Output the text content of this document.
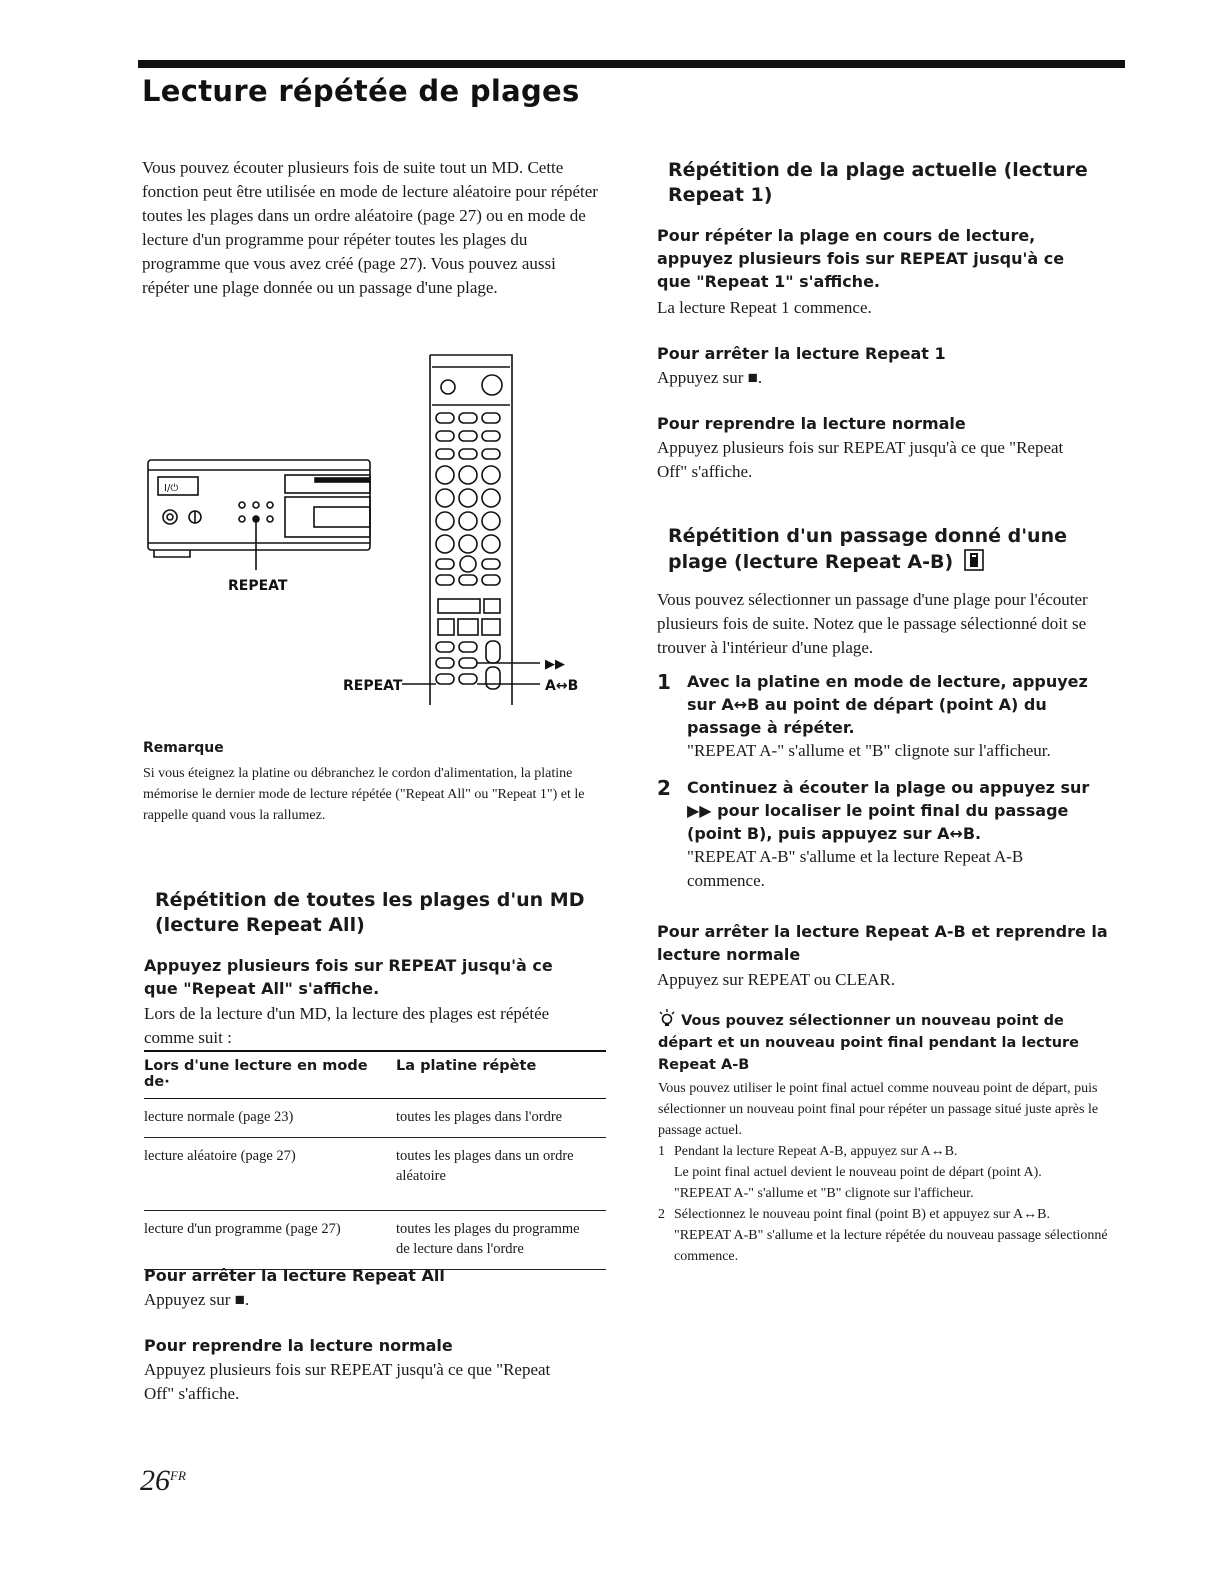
Lecture répétée de plages

Vous pouvez écouter plusieurs fois de suite tout un MD. Cette fonction peut être utilisée en mode de lecture aléatoire pour répéter toutes les plages dans un ordre aléatoire (page 27) ou en mode de lecture d'un programme pour répéter toutes les plages du programme que vous avez créé (page 27). Vous pouvez aussi répéter une plage donnée ou un passage d'une plage.

I/⏻
REPEAT
REPEAT
▶▶
A↔B
Remarque

Si vous éteignez la platine ou débranchez le cordon d'alimentation, la platine mémorise le dernier mode de lecture répétée ("Repeat All" ou "Repeat 1") et le rappelle quand vous la rallumez.

Répétition de toutes les plages d'un MD
(lecture Repeat All)

Appuyez plusieurs fois sur REPEAT jusqu'à ce que "Repeat All" s'affiche.

Lors de la lecture d'un MD, la lecture des plages est répétée comme suit :

Lors d'une lecture en mode de·	La platine répète
lecture normale (page 23)	toutes les plages dans l'ordre
lecture aléatoire (page 27)	toutes les plages dans un ordre aléatoire
lecture d'un programme (page 27)	toutes les plages du programme de lecture dans l'ordre
Pour arrêter la lecture Repeat All

Appuyez sur ■.

Pour reprendre la lecture normale

Appuyez plusieurs fois sur REPEAT jusqu'à ce que "Repeat Off" s'affiche.

$26^{FR}$
Répétition de la plage actuelle (lecture
Repeat 1)

Pour répéter la plage en cours de lecture, appuyez plusieurs fois sur REPEAT jusqu'à ce que "Repeat 1" s'affiche.

La lecture Repeat 1 commence.

Pour arrêter la lecture Repeat 1

Appuyez sur ■.

Pour reprendre la lecture normale

Appuyez plusieurs fois sur REPEAT jusqu'à ce que "Repeat Off" s'affiche.

Répétition d'un passage donné d'une
plage (lecture Repeat A-B)

Vous pouvez sélectionner un passage d'une plage pour l'écouter plusieurs fois de suite. Notez que le passage sélectionné doit se trouver à l'intérieur d'une plage.

1 Avec la platine en mode de lecture, appuyez sur A↔B au point de départ (point A) du passage à répéter.

"REPEAT A-" s'allume et "B" clignote sur l'afficheur.

2 Continuez à écouter la plage ou appuyez sur ▶▶ pour localiser le point final du passage (point B), puis appuyez sur A↔B.

"REPEAT A-B" s'allume et la lecture Repeat A-B commence.

Pour arrêter la lecture Repeat A-B et reprendre la lecture normale

Appuyez sur REPEAT ou CLEAR.

Vous pouvez sélectionner un nouveau point de départ et un nouveau point final pendant la lecture Repeat A-B

Vous pouvez utiliser le point final actuel comme nouveau point de départ, puis sélectionner un nouveau point final pour répéter un passage situé juste après le passage actuel.

1 Pendant la lecture Repeat A-B, appuyez sur A↔B.

Le point final actuel devient le nouveau point de départ (point A).

"REPEAT A-" s'allume et "B" clignote sur l'afficheur.

2 Sélectionnez le nouveau point final (point B) et appuyez sur A↔B.

"REPEAT A-B" s'allume et la lecture répétée du nouveau passage sélectionné commence.
